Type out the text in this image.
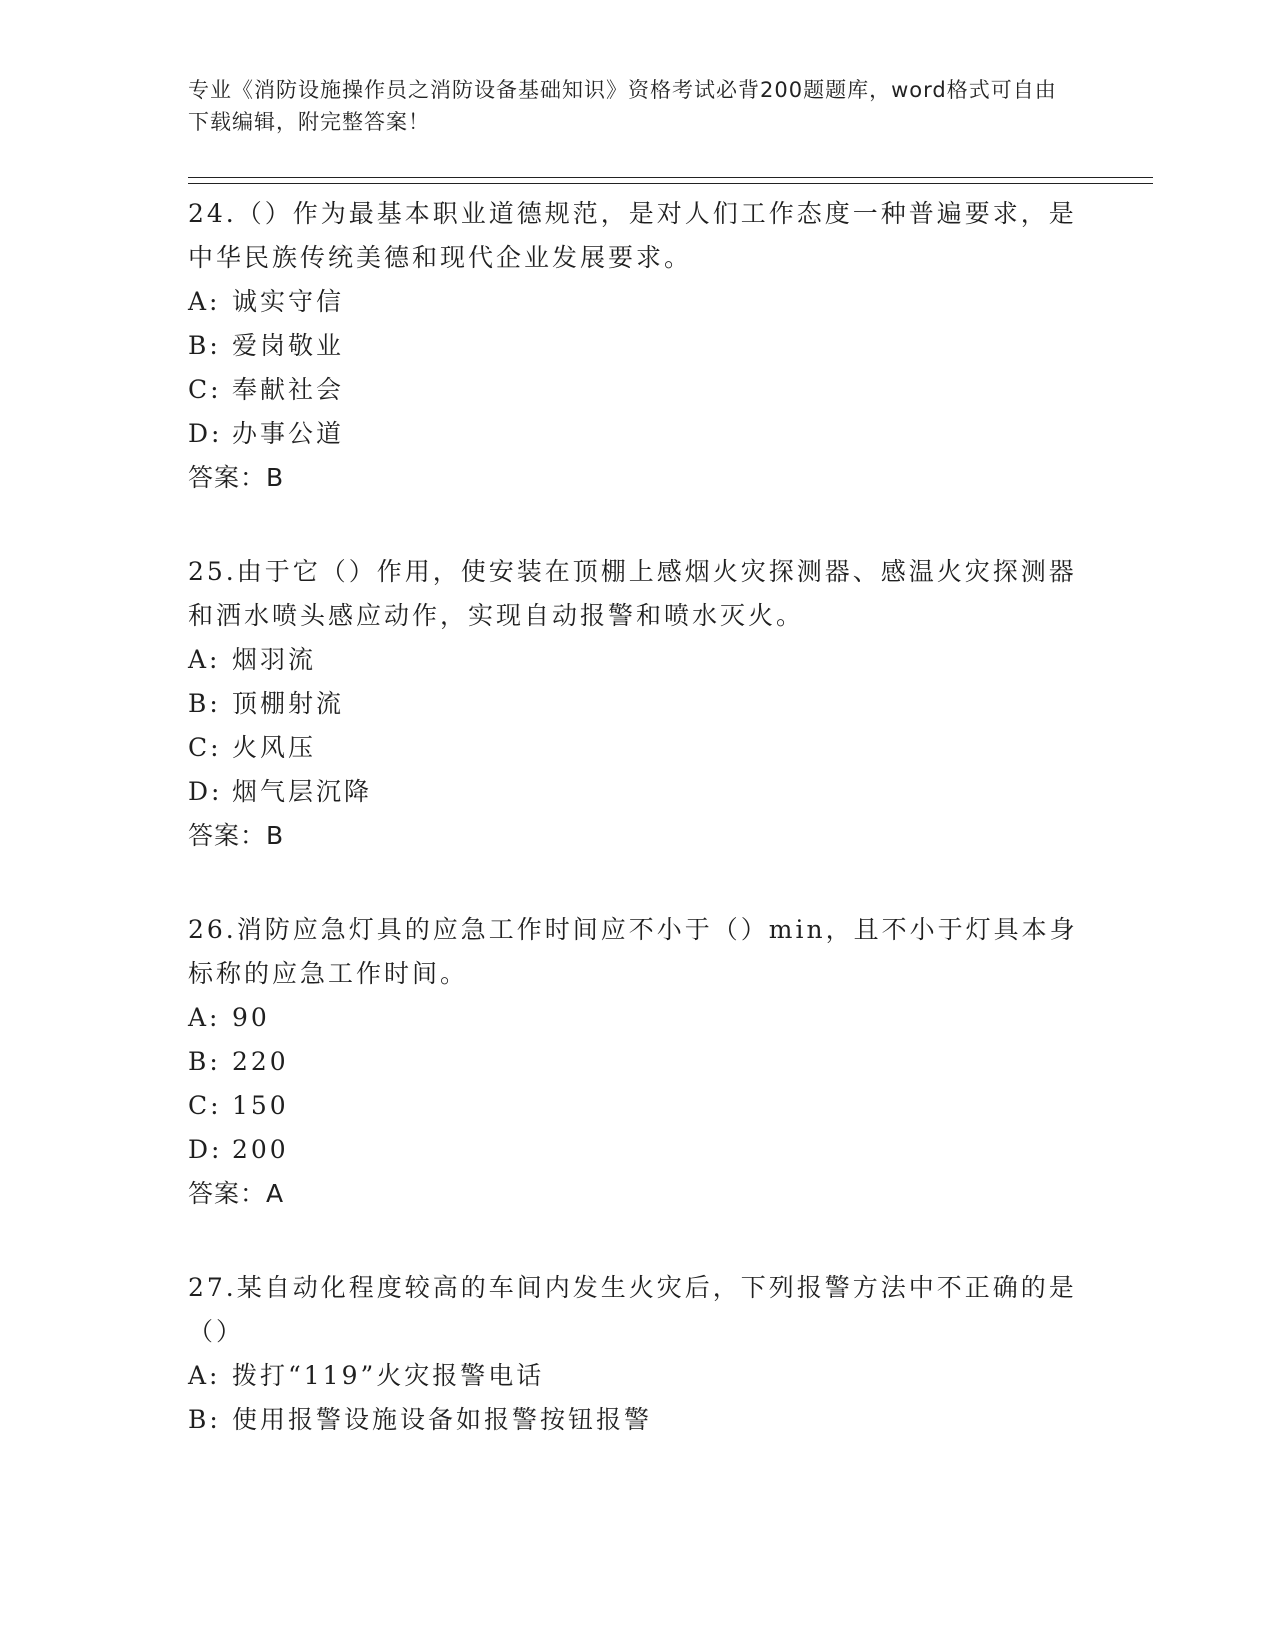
专业《消防设施操作员之消防设备基础知识》资格考试必背200题题库，word格式可自由下载编辑，附完整答案！

24.（）作为最基本职业道德规范，是对人们工作态度一种普遍要求，是中华民族传统美德和现代企业发展要求。

A: 诚实守信
B: 爱岗敬业
C: 奉献社会
D: 办事公道

答案：B

25.由于它（）作用，使安装在顶棚上感烟火灾探测器、感温火灾探测器和洒水喷头感应动作，实现自动报警和喷水灭火。

A: 烟羽流
B: 顶棚射流
C: 火风压
D: 烟气层沉降

答案：B

26.消防应急灯具的应急工作时间应不小于（）min，且不小于灯具本身标称的应急工作时间。

A: 90
B: 220
C: 150
D: 200

答案：A

27.某自动化程度较高的车间内发生火灾后，下列报警方法中不正确的是（）

A: 拨打“119”火灾报警电话
B: 使用报警设施设备如报警按钮报警
